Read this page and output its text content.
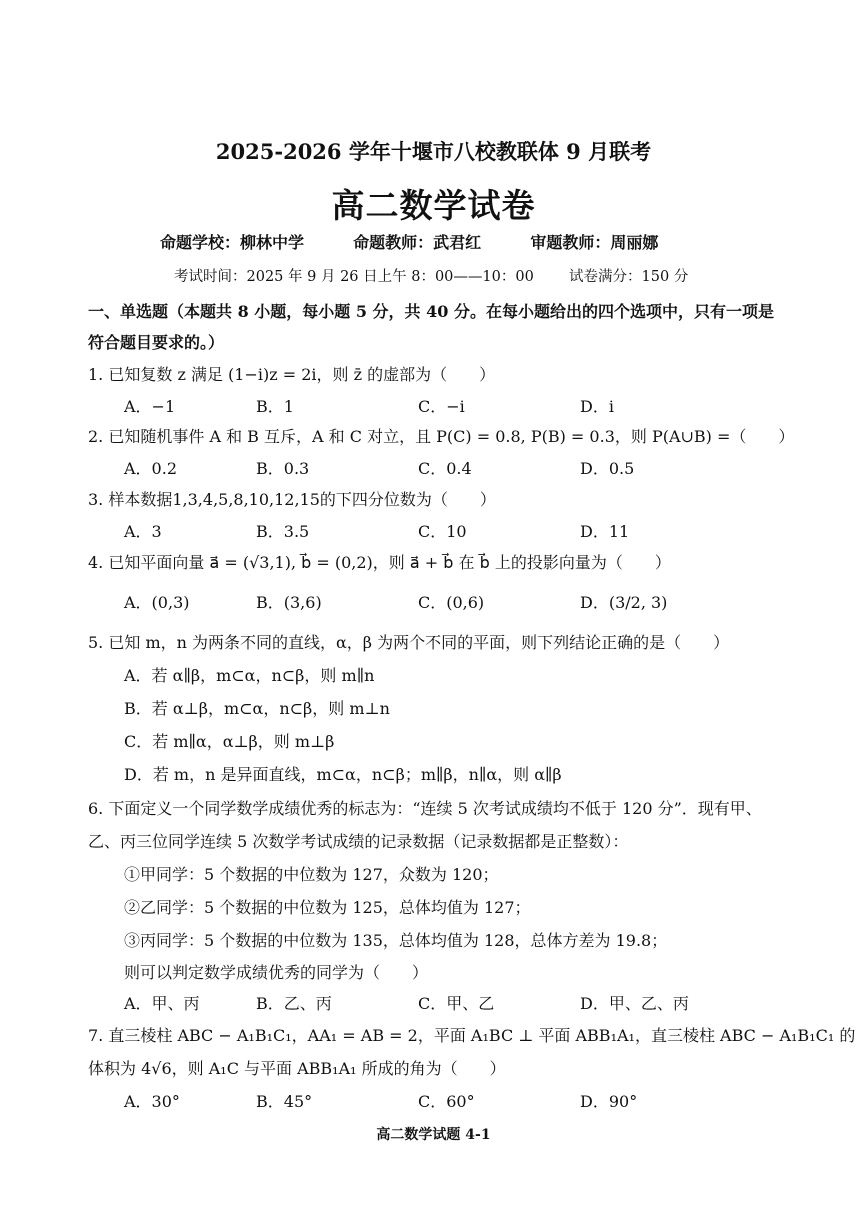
2025-2026 学年十堰市八校教联体 9 月联考
高二数学试卷
命题学校：柳林中学	命题教师：武君红	审题教师：周丽娜
考试时间：2025 年 9 月 26 日上午 8：00——10：00 试卷满分：150 分
一、单选题（本题共 8 小题，每小题 5 分，共 40 分。在每小题给出的四个选项中，只有一项是
符合题目要求的。）
1. 已知复数 z 满足 (1−i)z = 2i，则 z̄ 的虚部为（　　）
A．−1	B．1	C．−i	D．i
2. 已知随机事件 A 和 B 互斥，A 和 C 对立，且 P(C) = 0.8, P(B) = 0.3，则 P(A∪B) =（　　）
A．0.2	B．0.3	C．0.4	D．0.5
3. 样本数据1,3,4,5,8,10,12,15的下四分位数为（　　）
A．3	B．3.5	C．10	D．11
4. 已知平面向量 a⃗ = (√3,1), b⃗ = (0,2)，则 a⃗ + b⃗ 在 b⃗ 上的投影向量为（　　）
A．(0,3)	B．(3,6)	C．(0,6)	D．(3/2, 3)
5. 已知 m，n 为两条不同的直线，α，β 为两个不同的平面，则下列结论正确的是（　　）
A．若 α∥β，m⊂α，n⊂β，则 m∥n
B．若 α⊥β，m⊂α，n⊂β，则 m⊥n
C．若 m∥α，α⊥β，则 m⊥β
D．若 m，n 是异面直线，m⊂α，n⊂β；m∥β，n∥α，则 α∥β
6. 下面定义一个同学数学成绩优秀的标志为：“连续 5 次考试成绩均不低于 120 分”．现有甲、
乙、丙三位同学连续 5 次数学考试成绩的记录数据（记录数据都是正整数）：
①甲同学：5 个数据的中位数为 127，众数为 120；
②乙同学：5 个数据的中位数为 125，总体均值为 127；
③丙同学：5 个数据的中位数为 135，总体均值为 128，总体方差为 19.8；
则可以判定数学成绩优秀的同学为（　　）
A．甲、丙	B．乙、丙	C．甲、乙	D．甲、乙、丙
7. 直三棱柱 ABC − A₁B₁C₁，AA₁ = AB = 2，平面 A₁BC ⊥ 平面 ABB₁A₁，直三棱柱 ABC − A₁B₁C₁ 的
体积为 4√6，则 A₁C 与平面 ABB₁A₁ 所成的角为（　　）
A．30°	B．45°	C．60°	D．90°
高二数学试题 4-1
